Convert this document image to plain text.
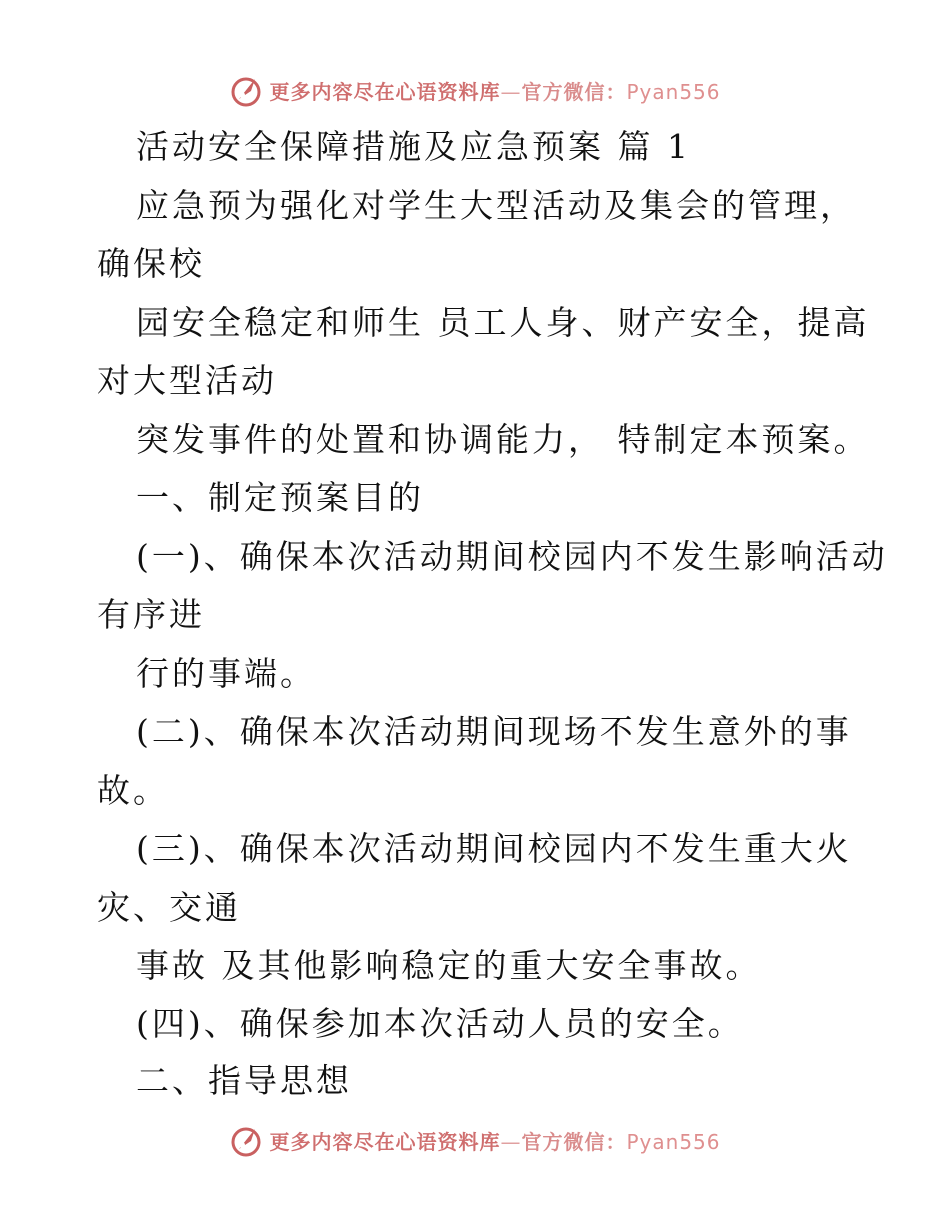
更多内容尽在心语资料库—官方微信：Pyan556
活动安全保障措施及应急预案 篇 1
应急预为强化对学生大型活动及集会的管理，
确保校
园安全稳定和师生 员工人身、财产安全，提高
对大型活动
突发事件的处置和协调能力， 特制定本预案。
一、制定预案目的
(一)、确保本次活动期间校园内不发生影响活动
有序进
行的事端。
(二)、确保本次活动期间现场不发生意外的事
故。
(三)、确保本次活动期间校园内不发生重大火
灾、交通
事故 及其他影响稳定的重大安全事故。
(四)、确保参加本次活动人员的安全。
二、指导思想
更多内容尽在心语资料库—官方微信：Pyan556
